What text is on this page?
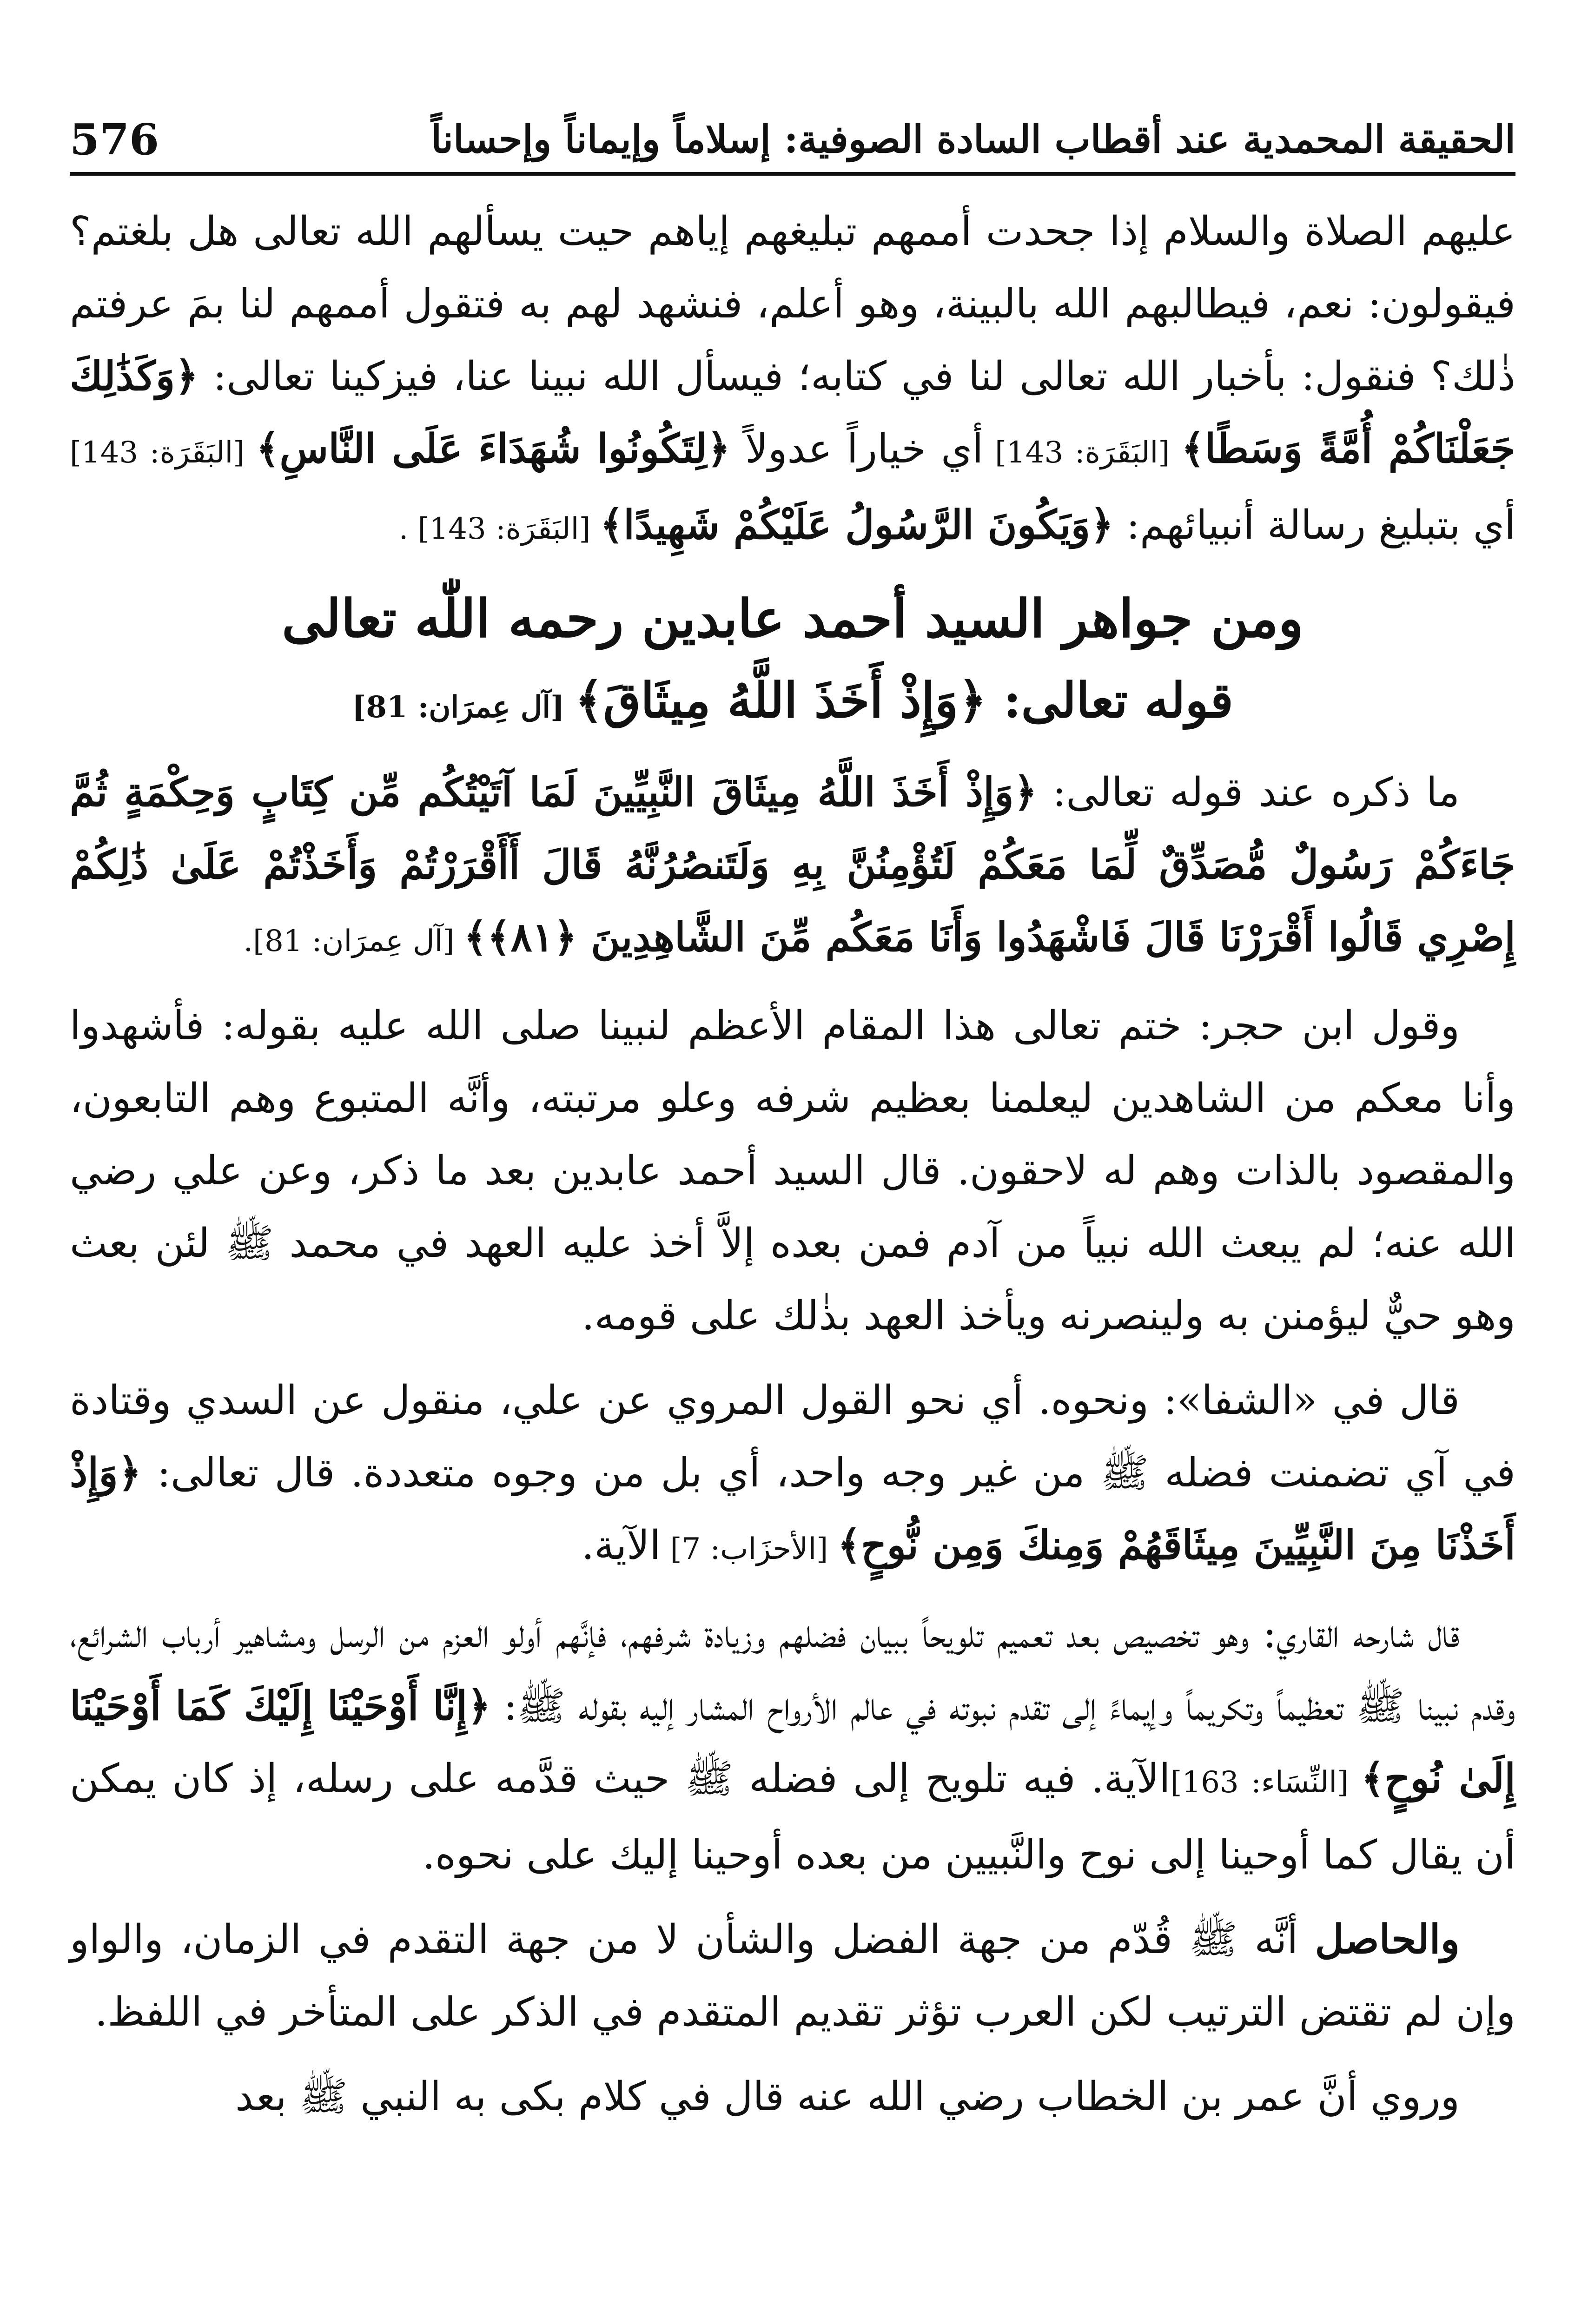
576	الحقيقة المحمدية عند أقطاب السادة الصوفية: إسلاماً وإيماناً وإحساناً

عليهم الصلاة والسلام إذا جحدت أممهم تبليغهم إياهم حيت يسألهم الله تعالى هل بلغتم؟ فيقولون: نعم، فيطالبهم الله بالبينة، وهو أعلم، فنشهد لهم به فتقول أممهم لنا بمَ عرفتم ذٰلك؟ فنقول: بأخبار الله تعالى لنا في كتابه؛ فيسأل الله نبينا عنا، فيزكينا تعالى: ﴿وَكَذَٰلِكَ جَعَلْنَاكُمْ أُمَّةً وَسَطًا﴾ [البَقَرَة: 143] أي خياراً عدولاً ﴿لِتَكُونُوا شُهَدَاءَ عَلَى النَّاسِ﴾ [البَقَرَة: 143] أي بتبليغ رسالة أنبيائهم: ﴿وَيَكُونَ الرَّسُولُ عَلَيْكُمْ شَهِيدًا﴾ [البَقَرَة: 143] .

ومن جواهر السيد أحمد عابدين رحمه اللّٰه تعالى
قوله تعالى: ﴿وَإِذْ أَخَذَ اللَّهُ مِيثَاقَ﴾ [آل عِمرَان: 81]

ما ذكره عند قوله تعالى: ﴿وَإِذْ أَخَذَ اللَّهُ مِيثَاقَ النَّبِيِّينَ لَمَا آتَيْتُكُم مِّن كِتَابٍ وَحِكْمَةٍ ثُمَّ جَاءَكُمْ رَسُولٌ مُّصَدِّقٌ لِّمَا مَعَكُمْ لَتُؤْمِنُنَّ بِهِ وَلَتَنصُرُنَّهُ قَالَ أَأَقْرَرْتُمْ وَأَخَذْتُمْ عَلَىٰ ذَٰلِكُمْ إِصْرِي قَالُوا أَقْرَرْنَا قَالَ فَاشْهَدُوا وَأَنَا مَعَكُم مِّنَ الشَّاهِدِينَ ﴿٨١﴾﴾ [آل عِمرَان: 81].

وقول ابن حجر: ختم تعالى هذا المقام الأعظم لنبينا صلى الله عليه بقوله: فأشهدوا وأنا معكم من الشاهدين ليعلمنا بعظيم شرفه وعلو مرتبته، وأنَّه المتبوع وهم التابعون، والمقصود بالذات وهم له لاحقون. قال السيد أحمد عابدين بعد ما ذكر، وعن علي رضي الله عنه؛ لم يبعث الله نبياً من آدم فمن بعده إلاَّ أخذ عليه العهد في محمد ﷺ لئن بعث وهو حيٌّ ليؤمنن به ولينصرنه ويأخذ العهد بذٰلك على قومه.

قال في «الشفا»: ونحوه. أي نحو القول المروي عن علي، منقول عن السدي وقتادة في آي تضمنت فضله ﷺ من غير وجه واحد، أي بل من وجوه متعددة. قال تعالى: ﴿وَإِذْ أَخَذْنَا مِنَ النَّبِيِّينَ مِيثَاقَهُمْ وَمِنكَ وَمِن نُّوحٍ﴾ [الأحزَاب: 7] الآية.

قال شارحه القاري: وهو تخصيص بعد تعميم تلويحاً ببيان فضلهم وزيادة شرفهم، فإنَّهم أولو العزم من الرسل ومشاهير أرباب الشرائع، وقدم نبينا ﷺ تعظيماً وتكريماً وإيماءً إلى تقدم نبوته في عالم الأرواح المشار إليه بقوله ﷺ: ﴿إِنَّا أَوْحَيْنَا إِلَيْكَ كَمَا أَوْحَيْنَا إِلَىٰ نُوحٍ﴾ [النِّسَاء: 163]الآية. فيه تلويح إلى فضله ﷺ حيث قدَّمه على رسله، إذ كان يمكن أن يقال كما أوحينا إلى نوح والنَّبيين من بعده أوحينا إليك على نحوه.

والحاصل أنَّه ﷺ قُدّم من جهة الفضل والشأن لا من جهة التقدم في الزمان، والواو وإن لم تقتض الترتيب لكن العرب تؤثر تقديم المتقدم في الذكر على المتأخر في اللفظ.

وروي أنَّ عمر بن الخطاب رضي الله عنه قال في كلام بكى به النبي ﷺ بعد
